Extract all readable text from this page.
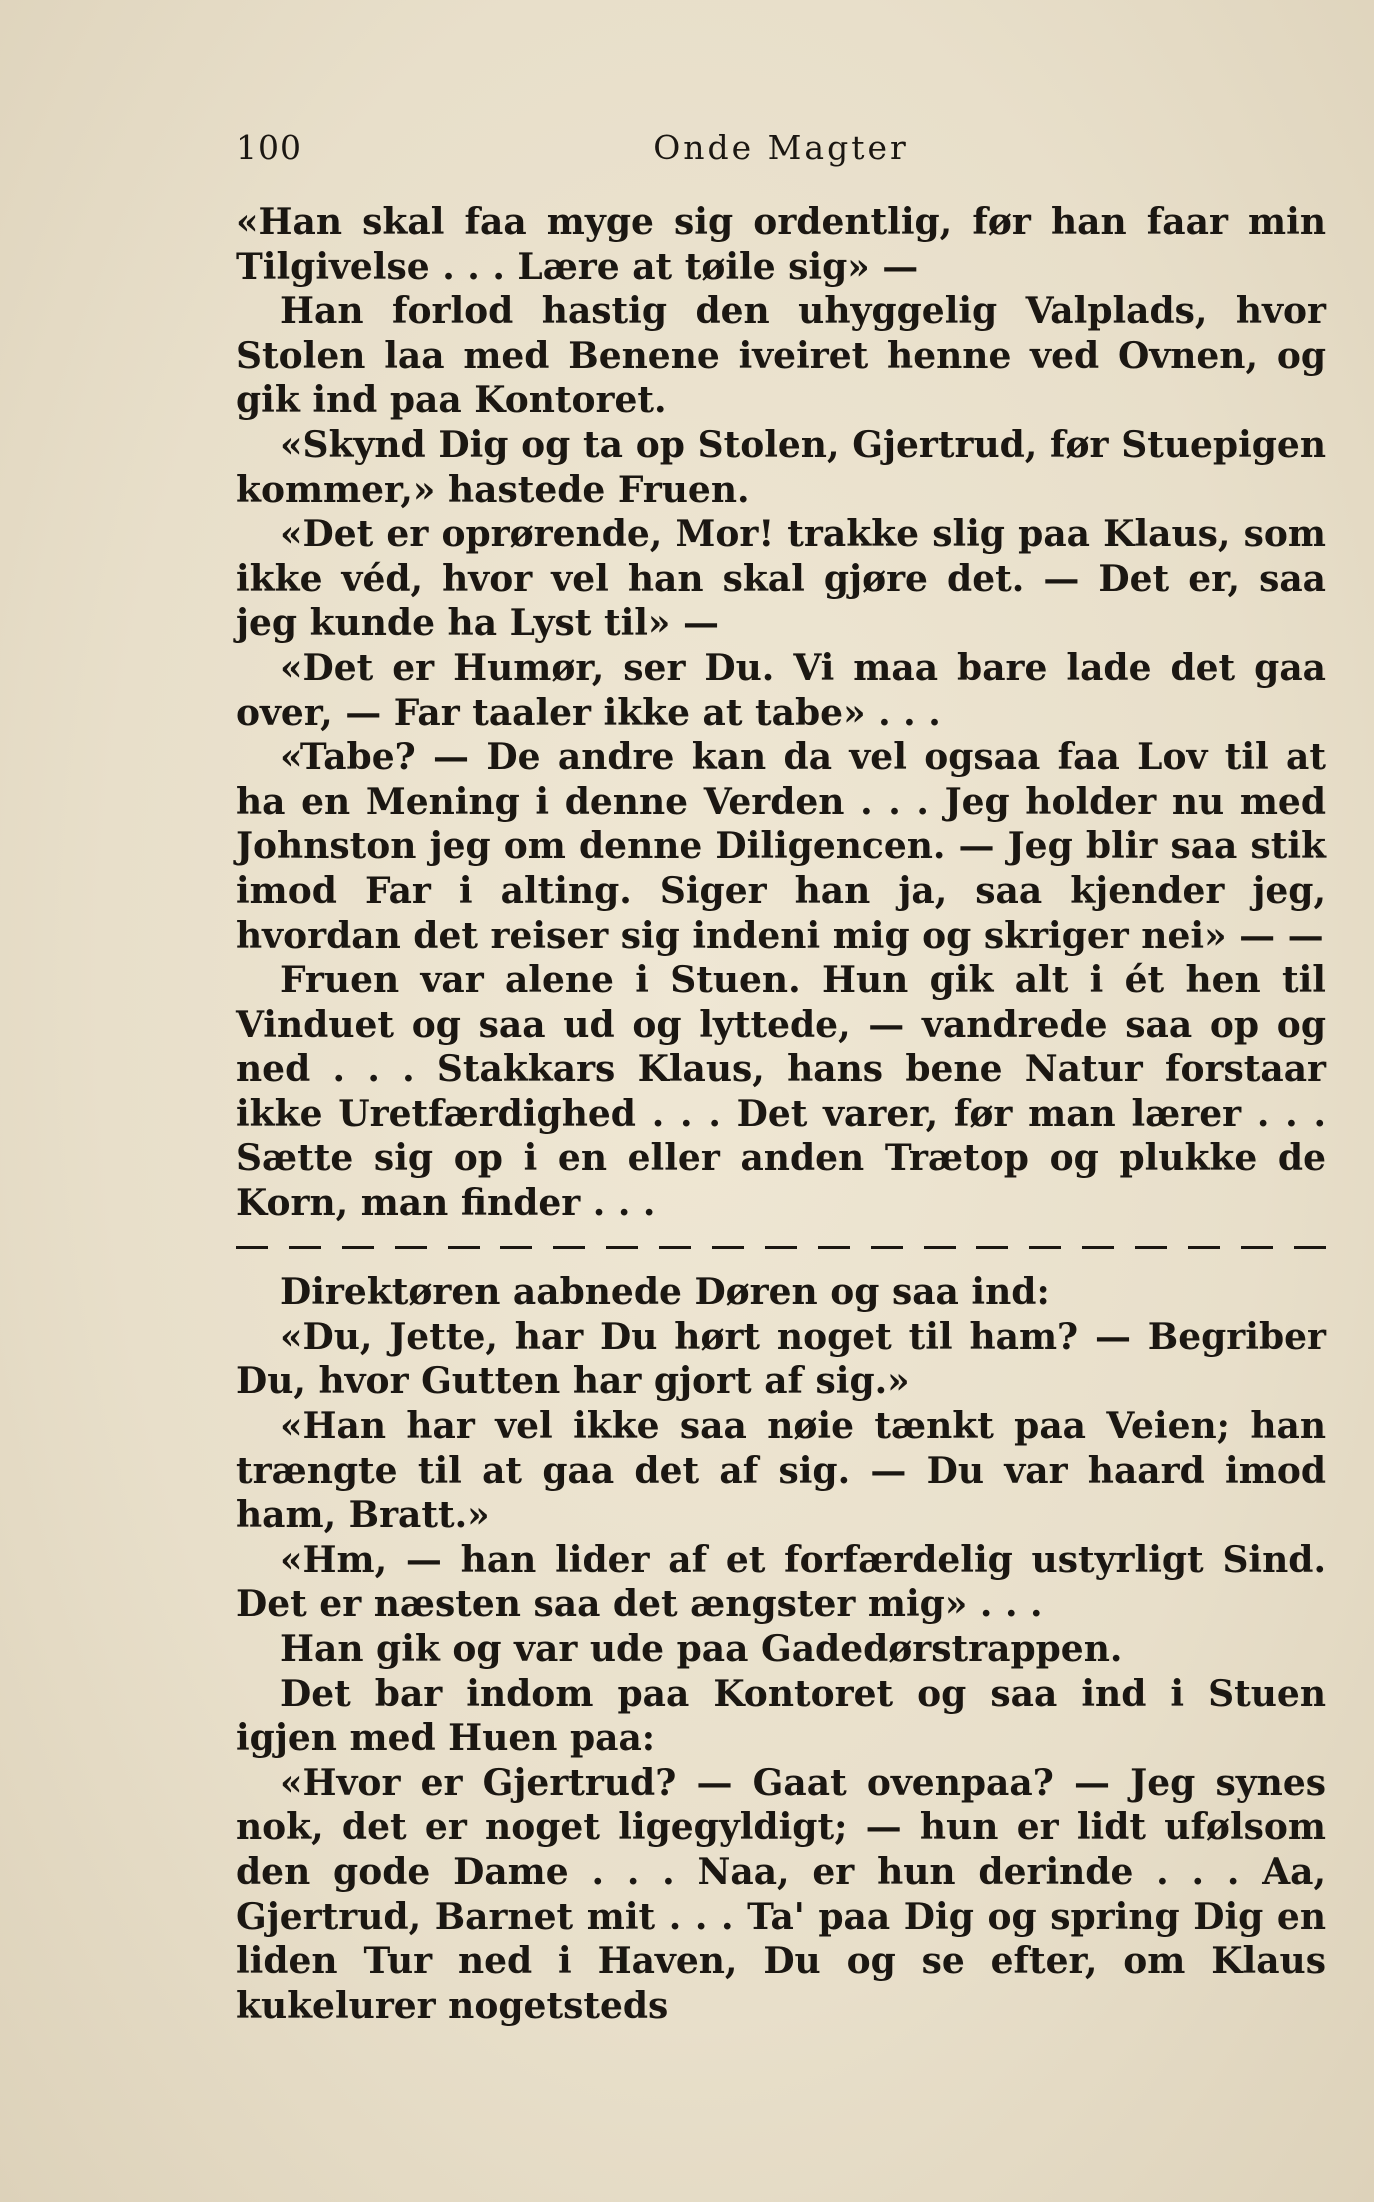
Onde Magter
100

«Han skal faa myge sig ordentlig, før han faar min Tilgivelse . . . Lære at tøile sig» —

Han forlod hastig den uhyggelig Valplads, hvor Stolen laa med Benene iveiret henne ved Ovnen, og gik ind paa Kontoret.

«Skynd Dig og ta op Stolen, Gjertrud, før Stuepigen kommer,» hastede Fruen.

«Det er oprørende, Mor! trakke slig paa Klaus, som ikke véd, hvor vel han skal gjøre det. — Det er, saa jeg kunde ha Lyst til» —

«Det er Humør, ser Du. Vi maa bare lade det gaa over, — Far taaler ikke at tabe» . . .

«Tabe? — De andre kan da vel ogsaa faa Lov til at ha en Mening i denne Verden . . . Jeg holder nu med Johnston jeg om denne Diligencen. — Jeg blir saa stik imod Far i alting. Siger han ja, saa kjender jeg, hvordan det reiser sig indeni mig og skriger nei» — —

Fruen var alene i Stuen. Hun gik alt i ét hen til Vinduet og saa ud og lyttede, — vandrede saa op og ned . . . Stakkars Klaus, hans bene Natur forstaar ikke Uretfærdighed . . . Det varer, før man lærer . . . Sætte sig op i en eller anden Trætop og plukke de Korn, man finder . . .

Direktøren aabnede Døren og saa ind:

«Du, Jette, har Du hørt noget til ham? — Begriber Du, hvor Gutten har gjort af sig.»

«Han har vel ikke saa nøie tænkt paa Veien; han trængte til at gaa det af sig. — Du var haard imod ham, Bratt.»

«Hm, — han lider af et forfærdelig ustyrligt Sind. Det er næsten saa det ængster mig» . . .

Han gik og var ude paa Gadedørstrappen.

Det bar indom paa Kontoret og saa ind i Stuen igjen med Huen paa:

«Hvor er Gjertrud? — Gaat ovenpaa? — Jeg synes nok, det er noget ligegyldigt; — hun er lidt ufølsom den gode Dame . . . Naa, er hun derinde . . . Aa, Gjertrud, Barnet mit . . . Ta' paa Dig og spring Dig en liden Tur ned i Haven, Du og se efter, om Klaus kukelurer nogetsteds
